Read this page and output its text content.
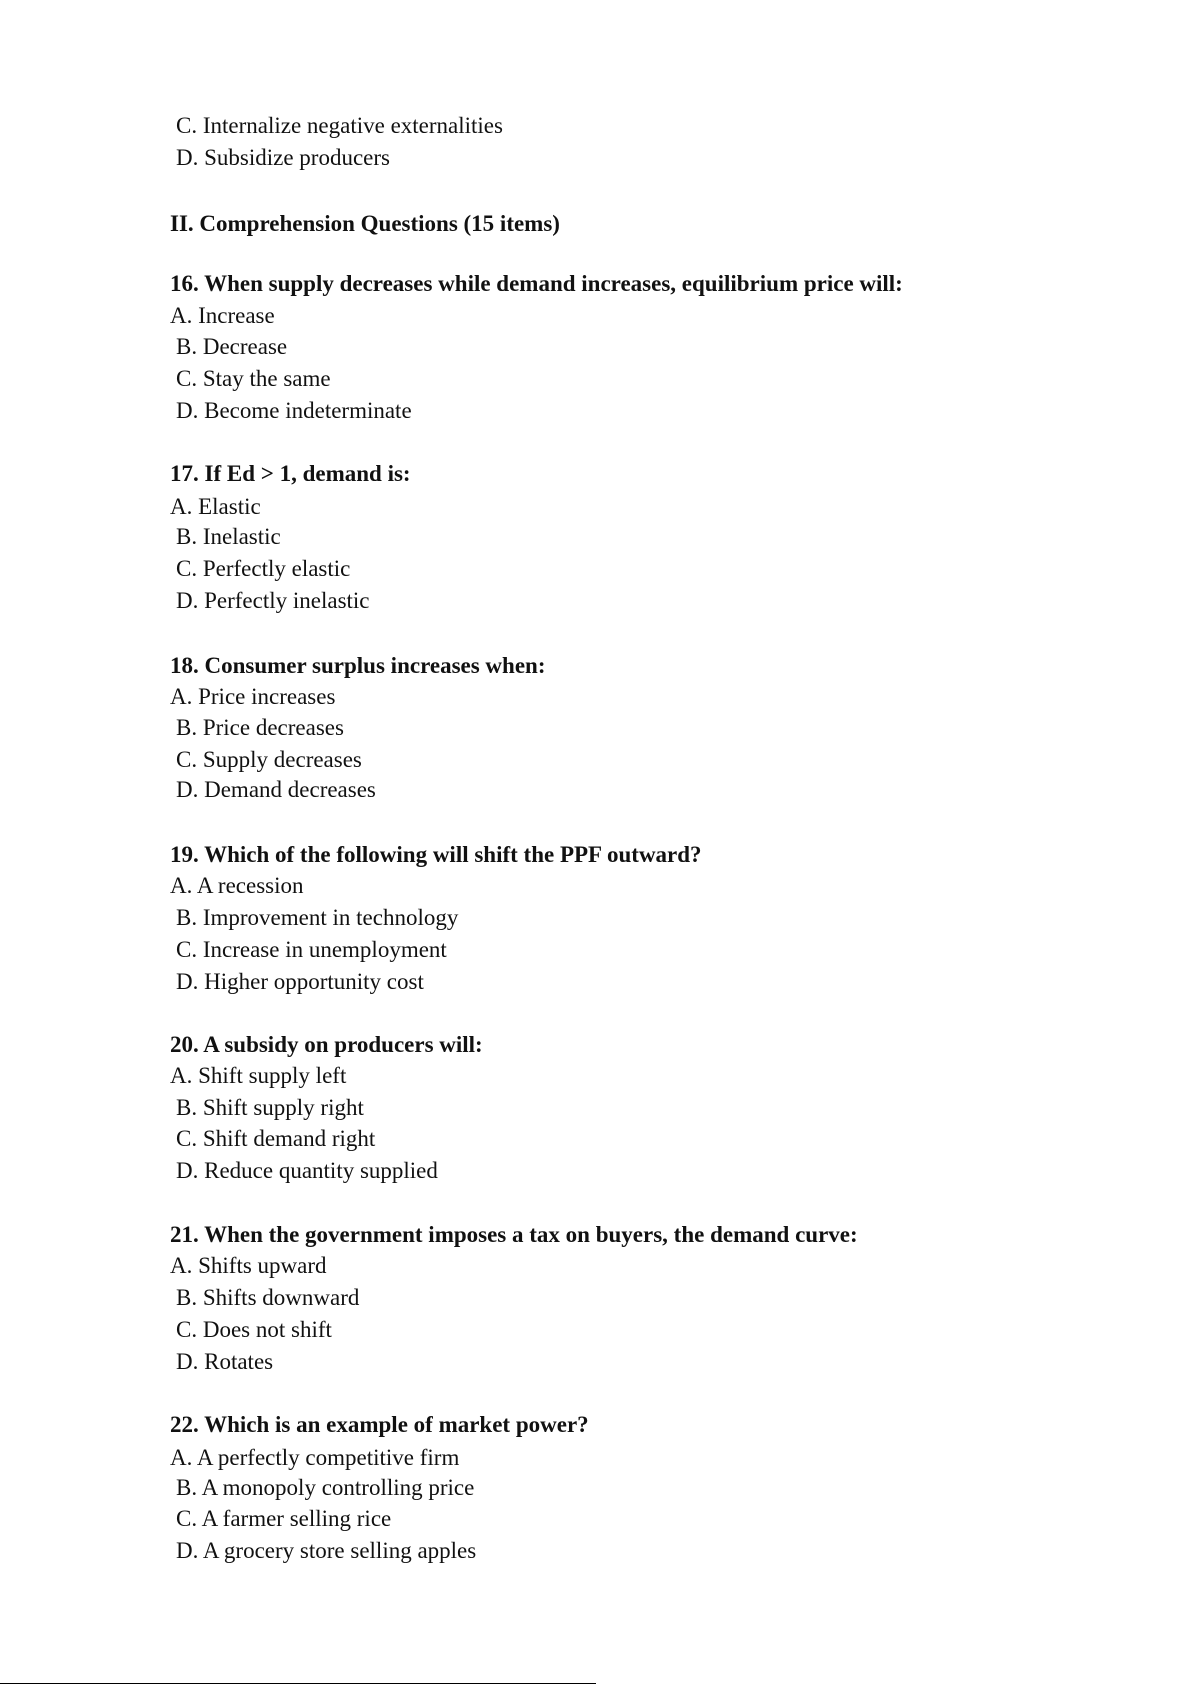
C. Internalize negative externalities
D. Subsidize producers
II. Comprehension Questions (15 items)
16. When supply decreases while demand increases, equilibrium price will:
A. Increase
B. Decrease
C. Stay the same
D. Become indeterminate
17. If Ed > 1, demand is:
A. Elastic
B. Inelastic
C. Perfectly elastic
D. Perfectly inelastic
18. Consumer surplus increases when:
A. Price increases
B. Price decreases
C. Supply decreases
D. Demand decreases
19. Which of the following will shift the PPF outward?
A. A recession
B. Improvement in technology
C. Increase in unemployment
D. Higher opportunity cost
20. A subsidy on producers will:
A. Shift supply left
B. Shift supply right
C. Shift demand right
D. Reduce quantity supplied
21. When the government imposes a tax on buyers, the demand curve:
A. Shifts upward
B. Shifts downward
C. Does not shift
D. Rotates
22. Which is an example of market power?
A. A perfectly competitive firm
B. A monopoly controlling price
C. A farmer selling rice
D. A grocery store selling apples
